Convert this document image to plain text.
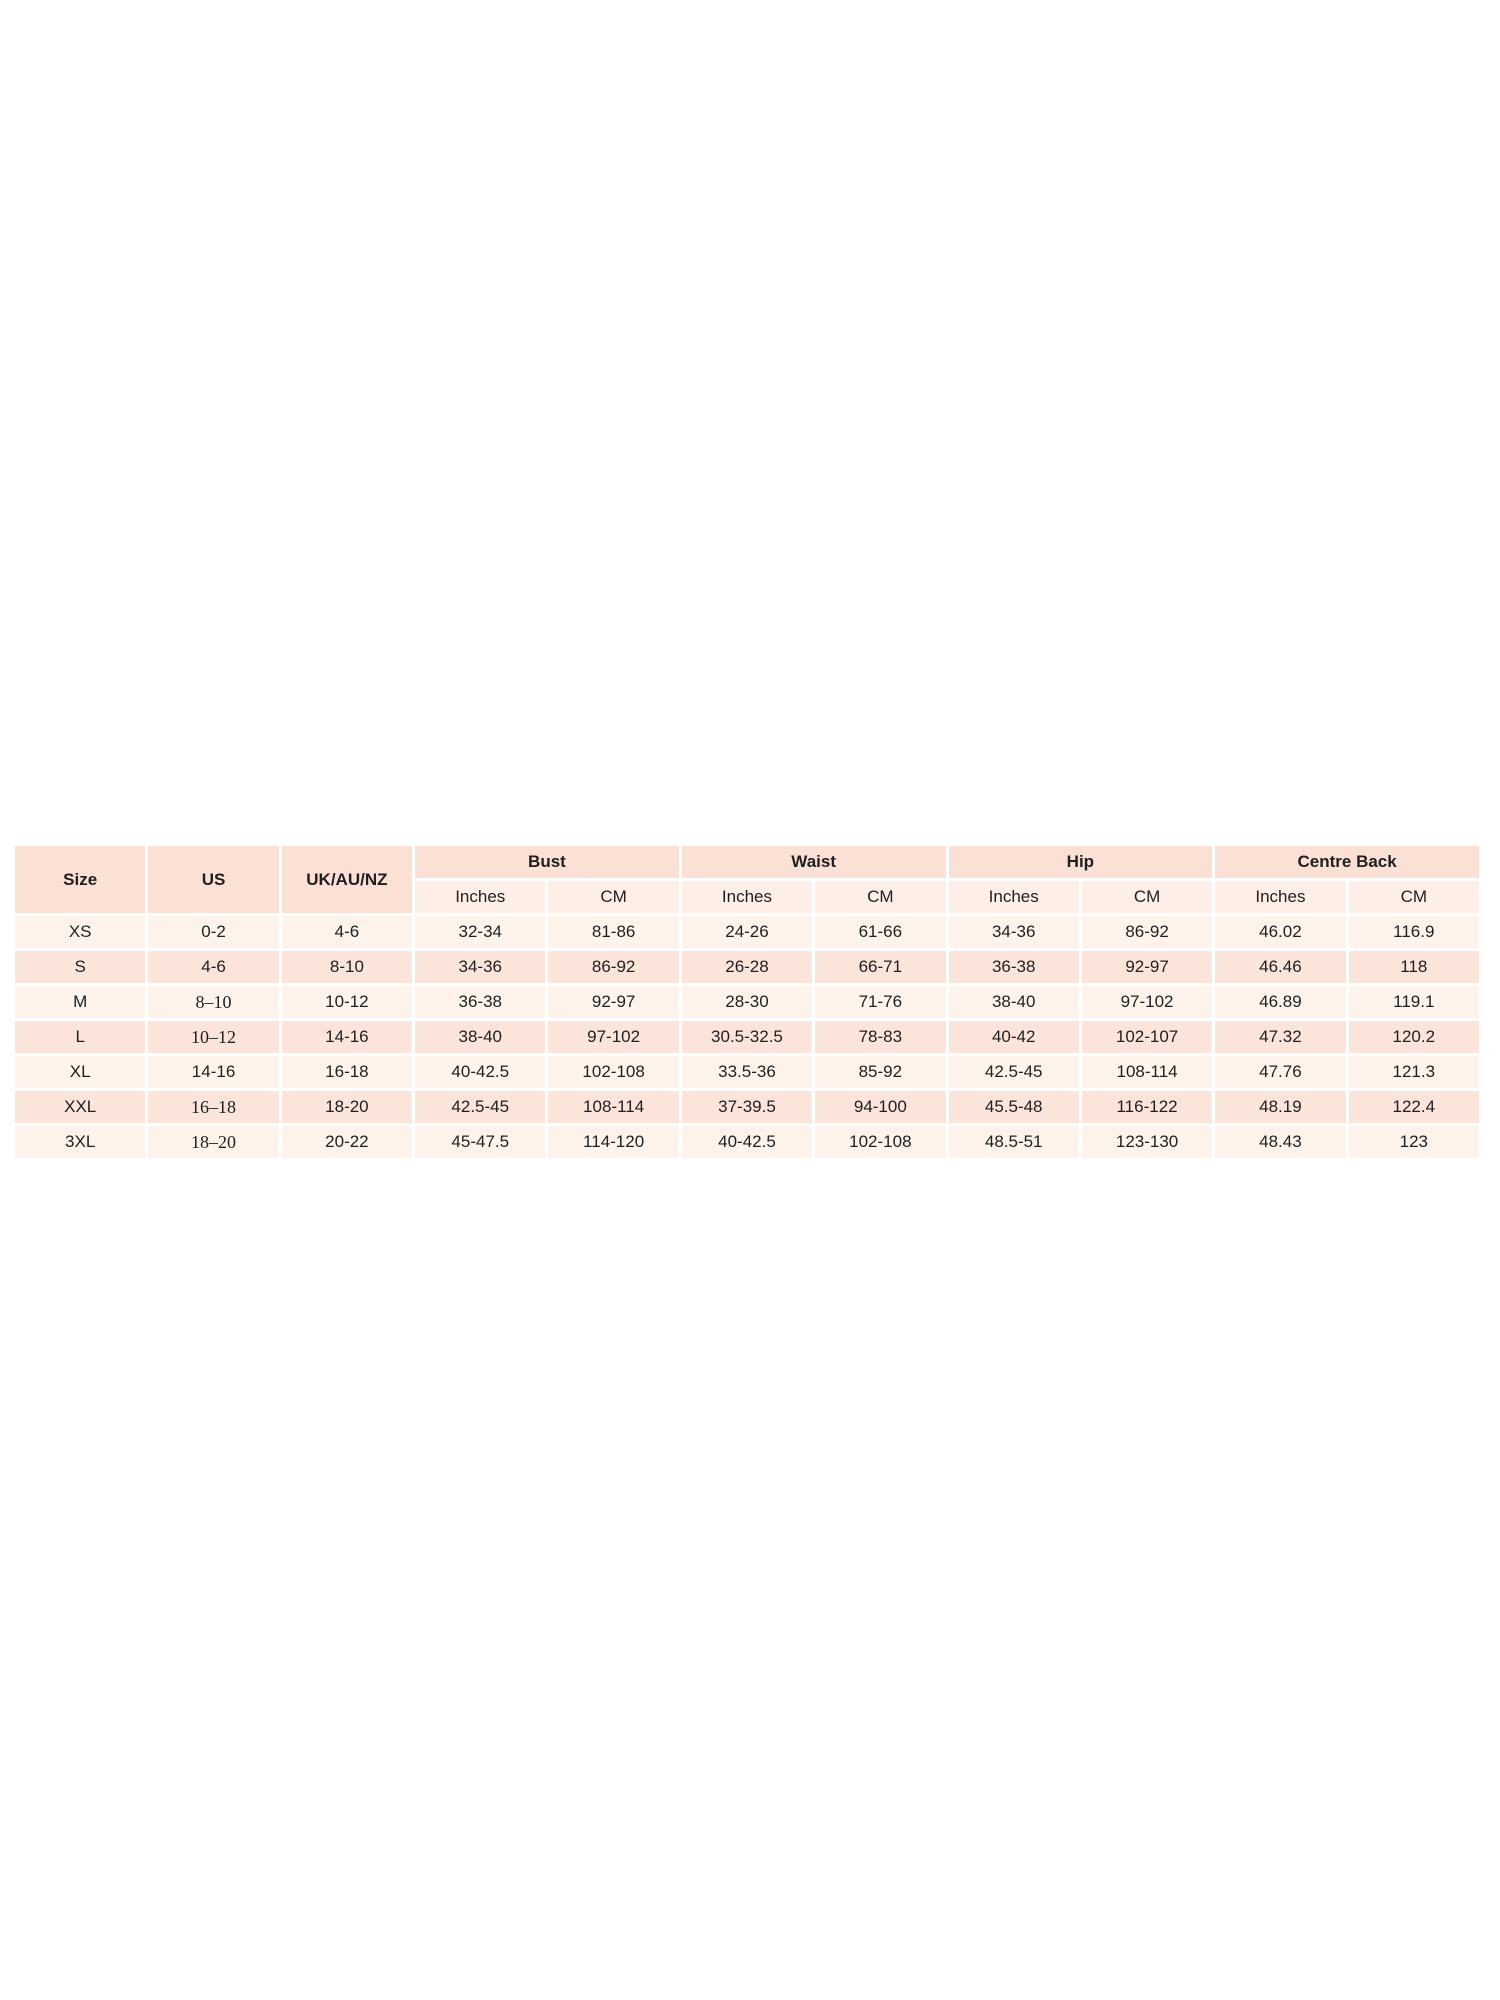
Size	US	UK/AU/NZ	Bust		Waist		Hip		Centre Back	
			Inches	CM	Inches	CM	Inches	CM	Inches	CM
XS	0-2	4-6	32-34	81-86	24-26	61-66	34-36	86-92	46.02	116.9
S	4-6	8-10	34-36	86-92	26-28	66-71	36-38	92-97	46.46	118
M	8–10	10-12	36-38	92-97	28-30	71-76	38-40	97-102	46.89	119.1
L	10–12	14-16	38-40	97-102	30.5-32.5	78-83	40-42	102-107	47.32	120.2
XL	14-16	16-18	40-42.5	102-108	33.5-36	85-92	42.5-45	108-114	47.76	121.3
XXL	16–18	18-20	42.5-45	108-114	37-39.5	94-100	45.5-48	116-122	48.19	122.4
3XL	18–20	20-22	45-47.5	114-120	40-42.5	102-108	48.5-51	123-130	48.43	123
